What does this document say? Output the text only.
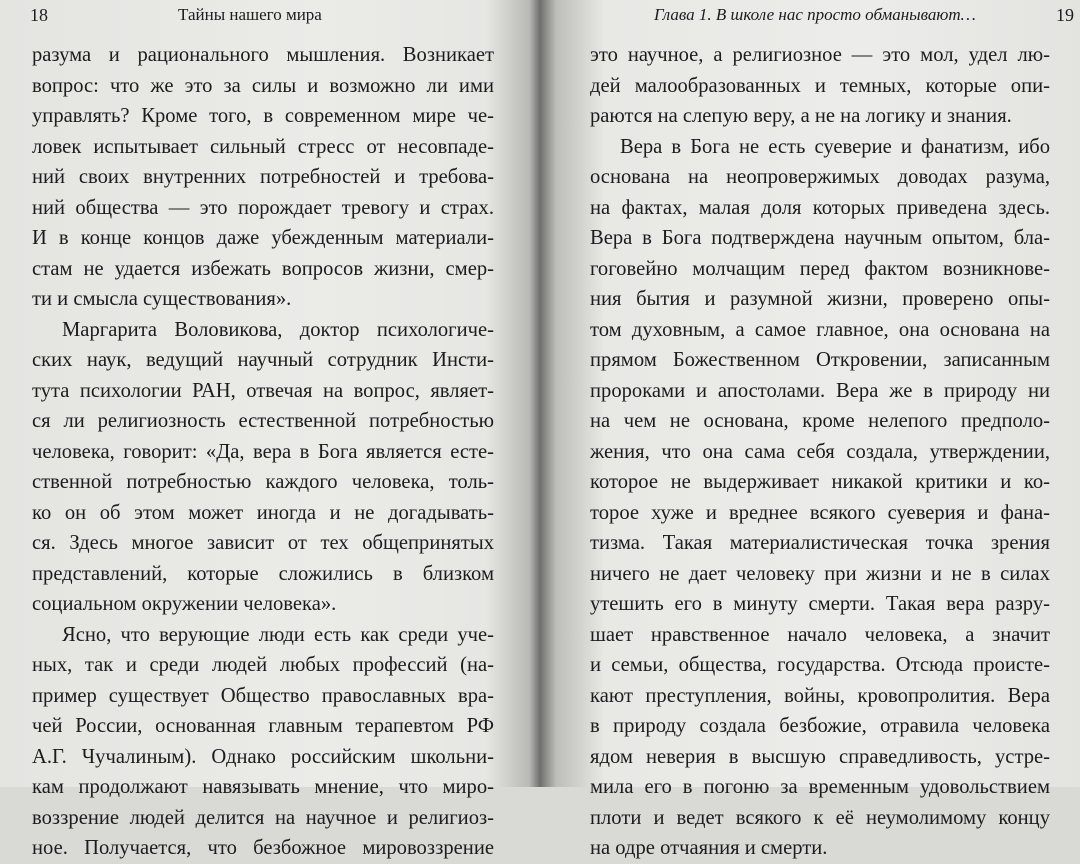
18	Тайны нашего мира
разума и рационального мышления. Возникает
вопрос: что же это за силы и возможно ли ими
управлять? Кроме того, в современном мире че-
ловек испытывает сильный стресс от несовпаде-
ний своих внутренних потребностей и требова-
ний общества — это порождает тревогу и страх.
И в конце концов даже убежденным материали-
стам не удается избежать вопросов жизни, смер-
ти и смысла существования».
Маргарита Воловикова, доктор психологиче-
ских наук, ведущий научный сотрудник Инсти-
тута психологии РАН, отвечая на вопрос, являет-
ся ли религиозность естественной потребностью
человека, говорит: «Да, вера в Бога является есте-
ственной потребностью каждого человека, толь-
ко он об этом может иногда и не догадывать-
ся. Здесь многое зависит от тех общепринятых
представлений, которые сложились в близком
социальном окружении человека».
Ясно, что верующие люди есть как среди уче-
ных, так и среди людей любых профессий (на-
пример существует Общество православных вра-
чей России, основанная главным терапевтом РФ
А.Г. Чучалиным). Однако российским школьни-
кам продолжают навязывать мнение, что миро-
воззрение людей делится на научное и религиоз-
ное. Получается, что безбожное мировоззрение
Глава 1. В школе нас просто обманывают…	19
это научное, а религиозное — это мол, удел лю-
дей малообразованных и темных, которые опи-
раются на слепую веру, а не на логику и знания.
Вера в Бога не есть суеверие и фанатизм, ибо
основана на неопровержимых доводах разума,
на фактах, малая доля которых приведена здесь.
Вера в Бога подтверждена научным опытом, бла-
гоговейно молчащим перед фактом возникнове-
ния бытия и разумной жизни, проверено опы-
том духовным, а самое главное, она основана на
прямом Божественном Откровении, записанным
пророками и апостолами. Вера же в природу ни
на чем не основана, кроме нелепого предполо-
жения, что она сама себя создала, утверждении,
которое не выдерживает никакой критики и ко-
торое хуже и вреднее всякого суеверия и фана-
тизма. Такая материалистическая точка зрения
ничего не дает человеку при жизни и не в силах
утешить его в минуту смерти. Такая вера разру-
шает нравственное начало человека, а значит
и семьи, общества, государства. Отсюда происте-
кают преступления, войны, кровопролития. Вера
в природу создала безбожие, отравила человека
ядом неверия в высшую справедливость, устре-
мила его в погоню за временным удовольствием
плоти и ведет всякого к её неумолимому концу
на одре отчаяния и смерти.
